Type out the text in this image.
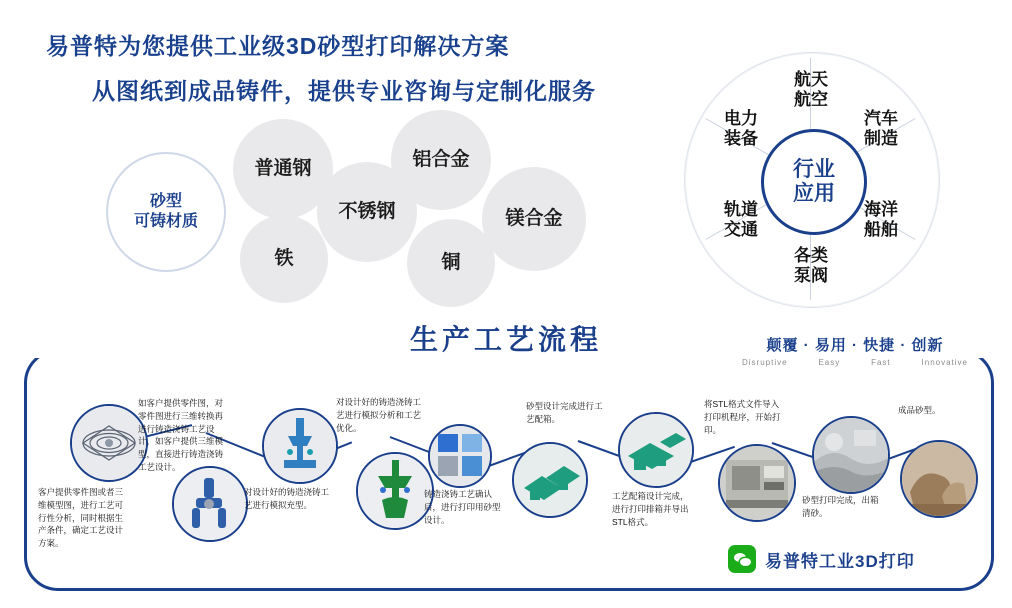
易普特为您提供工业级3D砂型打印解决方案
从图纸到成品铸件，提供专业咨询与定制化服务
砂型
可铸材质
普通钢	铝合金
不锈钢	镁合金
铁	铜
航天
航空
汽车
制造
海洋
船舶
各类
泵阀
轨道
交通
电力
装备
行业
应用
生产工艺流程	颠覆 · 易用 · 快捷 · 创新
Disruptive	Easy	Fast	Innovative
客户提供零件图或者三维模型图，进行工艺可行性分析，同时根据生产条件，确定工艺设计方案。
如客户提供零件图，对零件图进行三维转换再进行铸造浇铸工艺设计，如客户提供三维模型，直接进行铸造浇铸工艺设计。
对设计好的铸造浇铸工艺进行模拟充型。
对设计好的铸造浇铸工艺进行模拟分析和工艺优化。
铸造浇铸工艺确认后，进行打印用砂型设计。
砂型设计完成进行工艺配箱。
工艺配箱设计完成，进行打印排箱并导出STL格式。
将STL格式文件导入打印机程序，开始打印。
砂型打印完成，出箱清砂。
成品砂型。
易普特工业3D打印
